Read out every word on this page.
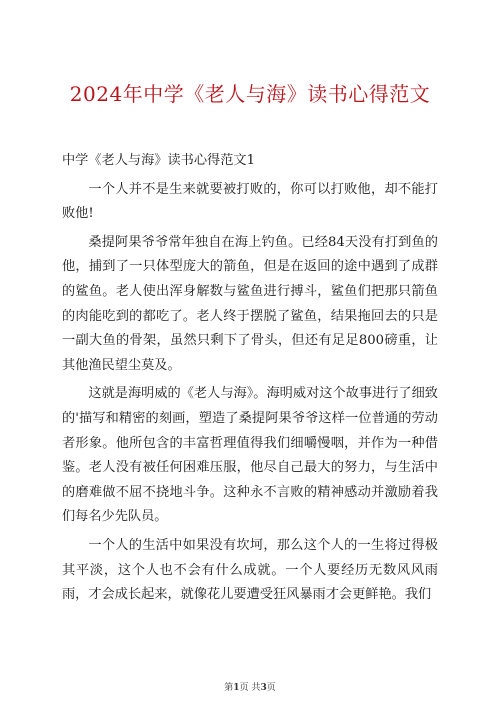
2024年中学《老人与海》读书心得范文

中学《老人与海》读书心得范文1

一个人并不是生来就要被打败的，你可以打败他，却不能打败他!

桑提阿果爷爷常年独自在海上钓鱼。已经84天没有打到鱼的他，捕到了一只体型庞大的箭鱼，但是在返回的途中遇到了成群的鲨鱼。老人使出浑身解数与鲨鱼进行搏斗，鲨鱼们把那只箭鱼的肉能吃到的都吃了。老人终于摆脱了鲨鱼，结果拖回去的只是一副大鱼的骨架，虽然只剩下了骨头，但还有足足800磅重，让其他渔民望尘莫及。

这就是海明威的《老人与海》。海明威对这个故事进行了细致的'描写和精密的刻画，塑造了桑提阿果爷爷这样一位普通的劳动者形象。他所包含的丰富哲理值得我们细嚼慢咽，并作为一种借鉴。老人没有被任何困难压服，他尽自己最大的努力，与生活中的磨难做不屈不挠地斗争。这种永不言败的精神感动并激励着我们每名少先队员。

一个人的生活中如果没有坎坷，那么这个人的一生将过得极其平淡，这个人也不会有什么成就。一个人要经历无数风风雨雨，才会成长起来，就像花儿要遭受狂风暴雨才会更鲜艳。我们

第1页 共3页
